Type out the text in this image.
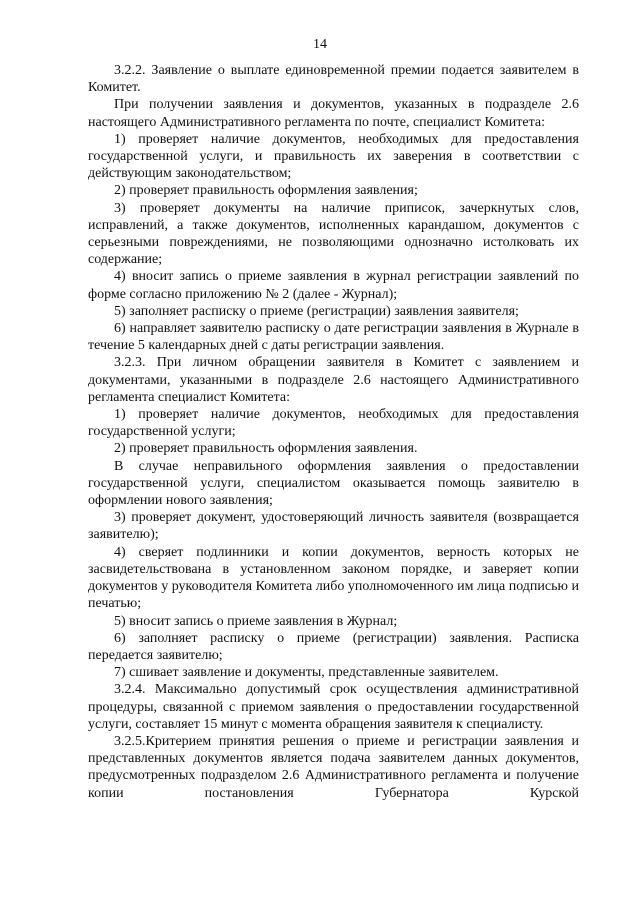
14

3.2.2. Заявление о выплате единовременной премии подается заявителем в Комитет.

При получении заявления и документов, указанных в подразделе 2.6 настоящего Административного регламента по почте, специалист Комитета:

1) проверяет наличие документов, необходимых для предоставления государственной услуги, и правильность их заверения в соответствии с действующим законодательством;

2) проверяет правильность оформления заявления;

3) проверяет документы на наличие приписок, зачеркнутых слов, исправлений, а также документов, исполненных карандашом, документов с серьезными повреждениями, не позволяющими однозначно истолковать их содержание;

4) вносит запись о приеме заявления в журнал регистрации заявлений по форме согласно приложению № 2 (далее - Журнал);

5) заполняет расписку о приеме (регистрации) заявления заявителя;

6) направляет заявителю расписку о дате регистрации заявления в Журнале в течение 5 календарных дней с даты регистрации заявления.

3.2.3. При личном обращении заявителя в Комитет с заявлением и документами, указанными в подразделе 2.6 настоящего Административного регламента специалист Комитета:

1) проверяет наличие документов, необходимых для предоставления государственной услуги;

2) проверяет правильность оформления заявления.

В случае неправильного оформления заявления о предоставлении государственной услуги, специалистом оказывается помощь заявителю в оформлении нового заявления;

3) проверяет документ, удостоверяющий личность заявителя (возвращается заявителю);

4) сверяет подлинники и копии документов, верность которых не засвидетельствована в установленном законом порядке, и заверяет копии документов у руководителя Комитета либо уполномоченного им лица подписью и печатью;

5) вносит запись о приеме заявления в Журнал;

6) заполняет расписку о приеме (регистрации) заявления. Расписка передается заявителю;

7) сшивает заявление и документы, представленные заявителем.

3.2.4. Максимально допустимый срок осуществления административной процедуры, связанной с приемом заявления о предоставлении государственной услуги, составляет 15 минут с момента обращения заявителя к специалисту.

3.2.5.Критерием принятия решения о приеме и регистрации заявления и представленных документов является подача заявителем данных документов, предусмотренных подразделом 2.6 Административного регламента и получение копии постановления Губернатора Курской
